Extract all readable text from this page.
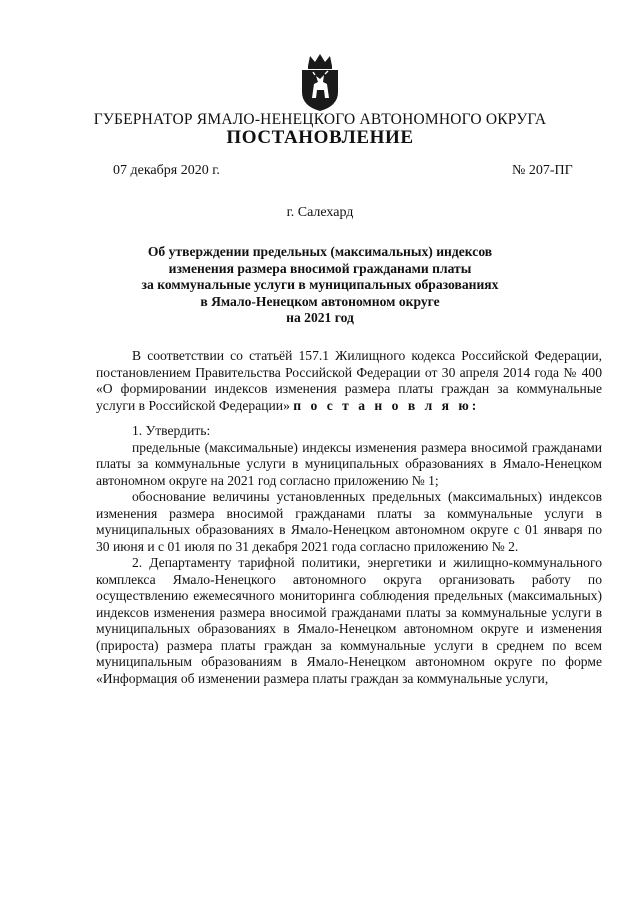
ГУБЕРНАТОР ЯМАЛО-НЕНЕЦКОГО АВТОНОМНОГО ОКРУГА
ПОСТАНОВЛЕНИЕ
07 декабря 2020 г.	№ 207-ПГ
г. Салехард
Об утверждении предельных (максимальных) индексов
изменения размера вносимой гражданами платы
за коммунальные услуги в муниципальных образованиях
в Ямало-Ненецком автономном округе
на 2021 год

В соответствии со статьёй 157.1 Жилищного кодекса Российской Федерации, постановлением Правительства Российской Федерации от 30 апреля 2014 года № 400 «О формировании индексов изменения размера платы граждан за коммунальные услуги в Российской Федерации» п о с т а н о в л я ю:

1. Утвердить:

предельные (максимальные) индексы изменения размера вносимой гражданами платы за коммунальные услуги в муниципальных образованиях в Ямало-Ненецком автономном округе на 2021 год согласно приложению № 1;

обоснование величины установленных предельных (максимальных) индексов изменения размера вносимой гражданами платы за коммунальные услуги в муниципальных образованиях в Ямало-Ненецком автономном округе с 01 января по 30 июня и с 01 июля по 31 декабря 2021 года согласно приложению № 2.

2. Департаменту тарифной политики, энергетики и жилищно-коммунального комплекса Ямало-Ненецкого автономного округа организовать работу по осуществлению ежемесячного мониторинга соблюдения предельных (максимальных) индексов изменения размера вносимой гражданами платы за коммунальные услуги в муниципальных образованиях в Ямало-Ненецком автономном округе и изменения (прироста) размера платы граждан за коммунальные услуги в среднем по всем муниципальным образованиям в Ямало-Ненецком автономном округе по форме «Информация об изменении размера платы граждан за коммунальные услуги,
